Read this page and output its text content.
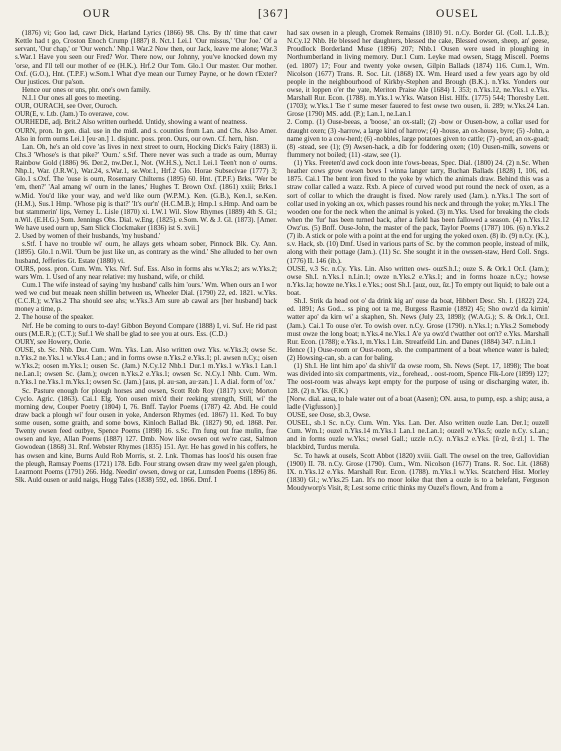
OUR	[367]	OUSEL

(1876) vi; Goo lad, cawr Dick, Harland Lyrics (1866) 98. Chs. By th' time that cawr Kettle had t go, Croston Enoch Crump (1887) 8. Nct.1 Lei.1 'Our missus,' 'Our Joe.' Of a servant, 'Our chap,' or 'Our wench.' Nhp.1 War.2 Now then, our Jack, leave me alone; War.3 s.War.1 Have you seen our Fred? Wor. There now, our Johnny, you've knocked down my 'orse, and I'll tell our mother of ee (H.K.). Hrf.2 Our Tom. Glo.1 Our master. Our mother. Oxf. (G.O.), Hnt. (T.P.F.) w.Som.1 What d'ye mean our Turney Payne, or he down t'Exter? Our justices. Our pa'son.

Hence our ones or uns, phr. one's own family.

N.I.1 Our ones all goes to meeting.

OUR, OURACH, see Over, Ouroch.

OUR(E, v. Ltb. (Jam.) To overawe, cow.

OURHEDE, adj. Brit.2 Also written ourhedd. Untidy, showing a want of neatness.

OURN, pron. In gen. dial. use in the midl. and s. counties from Lan. and Chs. Also Amer. Also in form ourns Lei.1 [eu·ən.] 1. disjunc. poss. pron. Ours, our own. Cf. hern, hisn.

Lan. Oh, he's an old cove 'as lives in next street to ourn, Hocking Dick's Fairy (1883) ii. Chs.3 'Whose's is that pike?' 'Ourn.' s.Stf. There never was such a trade as ourn, Murray Rainbow Gold (1886) 96. Der.2, nw.Der.1, Not. (W.H.S.), Nct.1 Lei.1 Teen't non o' ourns. Nhp.1, War. (J.R.W.), War.24, s.War.1, se.Wor.1, Hrf.2 Glo. Horae Subsecivae (1777) 3; Glo.1 s.Oxf. The 'ouse is ourn, Rosemary Chilterns (1895) 60. Hnt. (T.P.F.) Brks. 'Wer be 'em, then?' 'Aal amang wi' ourn in the lanes,' Hughes T. Brown Oxf. (1861) xxiii; Brks.1 w.Mid. You'd like your way, and we'd like ourn (W.P.M.). Ken. (G.B.), Ken.1, se.Ken. (H.M.), Sus.1 Hmp. 'Whose pig is that?' 'It's our'n' (H.C.M.B.); Hmp.1 s.Hmp. And oarn be but stammerin' lips, Verney L. Lisle (1870) xi. I.W.1 Wil. Slow Rhymes (1889) 4th S. Gl.; n.Wil. (E.H.G.) Som. Jennings Obs. Dial. w.Eng. (1825). e.Som. W. & J. Gl. (1873). [Amer. We have used ourn up, Sam Slick Clockmaker (1836) ist S. xvii.]

2. Used by women of their husbands, 'my husband.'

s.Stf. I have no trouble wi' ourn, he allays gets whoam sober, Pinnock Blk. Cy. Ann. (1895). Glo.1 n.Wil. 'Ourn be just like un, as contrary as the wind.' She alluded to her own husband, Jefferies Gt. Estate (1880) vi.

OURS, poss. pron. Cum. Wm. Yks. Nrf. Suf. Ess. Also in forms ahs w.Yks.2; ars w.Yks.2; wars Wm. 1. Used of any near relative: my husband, wife, or child.

Cum.1 The wife instead of saying 'my husband' calls him 'ours.' Wm. When ours an I wor wed we cud but meaak neen shillin between us, Wheeler Dial. (1790) 22, ed. 1821. w.Yks. (C.C.R.); w.Yks.2 Tha should see ahs; w.Yks.3 Am sure ab cawal ars [her husband] back money a time, p.

2. The house of the speaker.

Nrf. He be coming to ours to-day! Gibbon Beyond Compare (1888) I, vi. Suf. He rid past ours (M.E.R.); (C.T.); Suf.1 We shall be glad to see you at ours. Ess. (C.D.)

OURY, see Howery, Oorie.

OUSE, sb. Sc. Nhb. Dur. Cum. Wm. Yks. Lan. Also written owz Yks. w.Yks.3; owse Sc. n.Yks.2 ne.Yks.1 w.Yks.4 Lan.; and in forms owse n.Yks.2 e.Yks.1; pl. awsen n.Cy.; oisen w.Yks.2; oosen m.Yks.1; ousen Sc. (Jam.) N.Cy.12 Nhb.1 Dur.1 m.Yks.1 w.Yks.1 Lan.1 ne.Lan.1; owsen Sc. (Jam.); owcen n.Yks.2 e.Yks.1; owsen Sc. N.Cy.1 Nhb. Cum. Wm. n.Yks.1 ne.Yks.1 m.Yks.1; owsen Sc. (Jam.) [aus, pl. au·sən, au·zən.] 1. A dial. form of 'ox.'

Sc. Pasture enough for plough horses and owsen, Scott Rob Roy (1817) xxvi; Morton Cyclo. Agric. (1863). Cai.1 Elg. Yon ousen mix'd their reeking strength, Still, wi' the morning dew, Couper Poetry (1804) I, 76. Bnff. Taylor Poems (1787) 42. Abd. He could draw back a plough wi' four ousen in yoke, Anderson Rhymes (ed. 1867) 11. Ked. To buy some ousen, some graith, and some bows, Kinloch Ballad Bk. (1827) 90, ed. 1868. Per. Twenty owsen feed outbye, Spence Poems (1898) 16. s.Sc. I'm fung out frae mulin, frae owsen and kye, Allan Poems (1887) 127. Dmb. Now like owsen out we're cast, Salmon Gowodean (1868) 31. Rnf. Webster Rhymes (1835) 151. Ayr. He has gowd in his coffers, he has owsen and kine, Burns Auld Rob Morris, st. 2. Lnk. Thomas has loos'd his ousen frae the pleugh, Ramsay Poems (1721) 178. Edb. Four strang owsen draw my weel ga'en plough, Learmont Poems (1791) 266. Hdg. Needin' owsen, dowg or cat, Lumsden Poems (1896) 86. Slk. Auld ousen or auld naigs, Hogg Tales (1838) 592, ed. 1866. Dmf. I

had sax owsen in a pleugh, Cromek Remains (1810) 91. n.Cy. Border Gl. (Coll. L.L.B.); N.Cy.12 Nhb. He blessed her daughters, blessed the cake, Blessed owsen, sheep, an' geese, Proudlock Borderland Muse (1896) 207; Nhb.1 Ousen were used in ploughing in Northumberland in living memory. Dur.1 Cum. Leyke mad owsen, Stagg Miscell. Poems (ed. 1807) 17; Four and twenty yoke owsen, Gilpin Ballads (1874) 116. Cum.1, Wm. Nicolson (1677) Trans. R. Soc. Lit. (1868) IX. Wm. Heard used a few years ago by old people in the neighbourhood of Kirkby-Stephen and Brough (B.K.). n.Yks. Yonders our owse, it loppen o'er the yate, Meriton Praise Ale (1684) I. 353; n.Yks.12, ne.Yks.1 e.Yks. Marshall Rur. Econ. (1788). m.Yks.1 w.Yks. Watson Hist. Hlfx. (1775) 544; Thoresby Lett. (1703); w.Yks.1 Tse t' sume meser fauered to fest owse two ousen, ii. 289; w.Yks.24 Lan. Grose (1790) MS. add. (P.); Lan.1, ne.Lan.1

2. Comp. (1) Ouse-beeas, a 'boose,' an ox-stall; (2) -bow or Ousen-bow, a collar used for draught oxen; (3) -harrow, a large kind of harrow; (4) -house, an ox-house, byre; (5) -John, a name given to a cow-herd; (6) -nobbles, large potatoes given to cattle; (7) -prod, an ox-goad; (8) -stead, see (1); (9) Awsen-hack, a dib for foddering oxen; (10) Ousen-milk, sowens or flummery not boiled; (11) -staw, see (1).

(1) Yks. Freeten'd awd cock doon inte t'ows-beeas, Spec. Dial. (1800) 24. (2) n.Sc. When heather cows grow owsen bows I winna langer tarry, Buchan Ballads (1828) I, 106, ed. 1875. Cai.1 The bent iron fixed to the yoke by which the animals draw. Behind this was a straw collar called a wazz. Rxb. A piece of curved wood put round the neck of oxen, as a sort of collar to which the draught is fixed. Now rarely used (Jam.). n.Yks.1 The sort of collar used in yoking an ox, which passes round his neck and through the yoke; m.Yks.1 The wooden one for the neck when the animal is yoked. (3) m.Yks. Used for breaking the clods when the 'fur' has been turned back, after a field has been fallowed a season. (4) n.Yks.12 Owz'us. (5) Bnff. Ouse-John, the master of the pack, Taylor Poems (1787) 106. (6) n.Yks.2 (7) ib. A stick or pole with a point at the end for urging the yoked oxen. (8) ib. (9) n.Cy. (K.), s.v. Hack, sb. (10) Dmf. Used in various parts of Sc. by the common people, instead of milk, along with their pottage (Jam.). (11) Sc. She sought it in the owssen-staw, Herd Coll. Sngs. (1776) II. 146 (ib.).

OUSE, v.3 Sc. n.Cy. Yks. Lin. Also written ows- ouzS.h.I.; ouze S. & Ork.1 Or.I. (Jam.); owse Sh.I. n.Yks.1 n.Lin.1; owze n.Yks.2 e.Yks.1; and in forms hoaze n.Cy.; howse n.Yks.1a; howze ne.Yks.1 e.Yks.; oost Sh.I. [auz, ouz, ūz.] To empty out liquid; to bale out a boat.

Sh.I. Strik da head oot o' da drink kig an' ouse da boat, Hibbert Desc. Sh. I. (1822) 224, ed. 1891; As God... ss ping oot ta me, Burgess Rasmie (1892) 45; Sho owz'd da kirnin' watter apo' da kirn wi' a skaphen, Sh. News (July 23, 1898); (W.A.G.); S. & Ork.1, Or.I. (Jam.). Cai.1 To ouse o'er. To owish over. n.Cy. Grose (1790). n.Yks.1; n.Yks.2 Somebody must owze the long boat; n.Yks.4 ne.Yks.1 A'e ya owz'd t'watther oot on't? e.Yks. Marshall Rur. Econ. (1788); e.Yks.1, m.Yks.1 Lin. Streatfeild Lin. and Danes (1884) 347. n.Lin.1

Hence (1) Ouse-room or Oust-room, sb. the compartment of a boat whence water is baled; (2) Howsing-can, sb. a can for baling.

(1) Sh.I. He lint him apo' da shiv'li' da owse room, Sh. News (Sept. 17, 1898); The boat was divided into six compartments, viz., forehead, . oost-room, Spence Flk-Lore (1899) 127; The oost-room was always kept empty for the purpose of using or discharging water, ib. 128. (2) n.Yks. (F.K.)

[Norw. dial. ausa, to bale water out of a boat (Aasen); ON. ausa, to pump, esp. a ship; ausa, a ladle (Vigfusson).]

OUSE, see Oose, sb.3, Owse.

OUSEL, sb.1 Sc. n.Cy. Cum. Wm. Yks. Lan. Der. Also written ouzle Lan. Der.1; ouzell Cum. Wm.1; ouzel n.Yks.14 m.Yks.1 Lan.1 ne.Lan.1; ouzell w.Yks.5; ouzle n.Cy. s.Lan.; and in forms ouzle w.Yks.; owsel Gall.; uzzle n.Cy. n.Yks.2 e.Yks. [ū·zl, ū·zl.] 1. The blackbird, Turdus merula.

Sc. To hawk at ousels, Scott Abbot (1820) xviii. Gall. The owsel on the tree, Gallovidian (1900) II. 78. n.Cy. Grose (1790). Cum., Wm. Nicolson (1677) Trans. R. Soc. Lit. (1868) IX. n.Yks.12 e.Yks. Marshall Rur. Econ. (1788). m.Yks.1 w.Yks. Scatcherd Hist. Morley (1830) Gl.; w.Yks.25 Lan. It's no moor loike that then a ouzle is to a belefant, Ferguson Moudyworp's Visit, 8; Lest some critic thinks my Ouzel's flown, And from a
